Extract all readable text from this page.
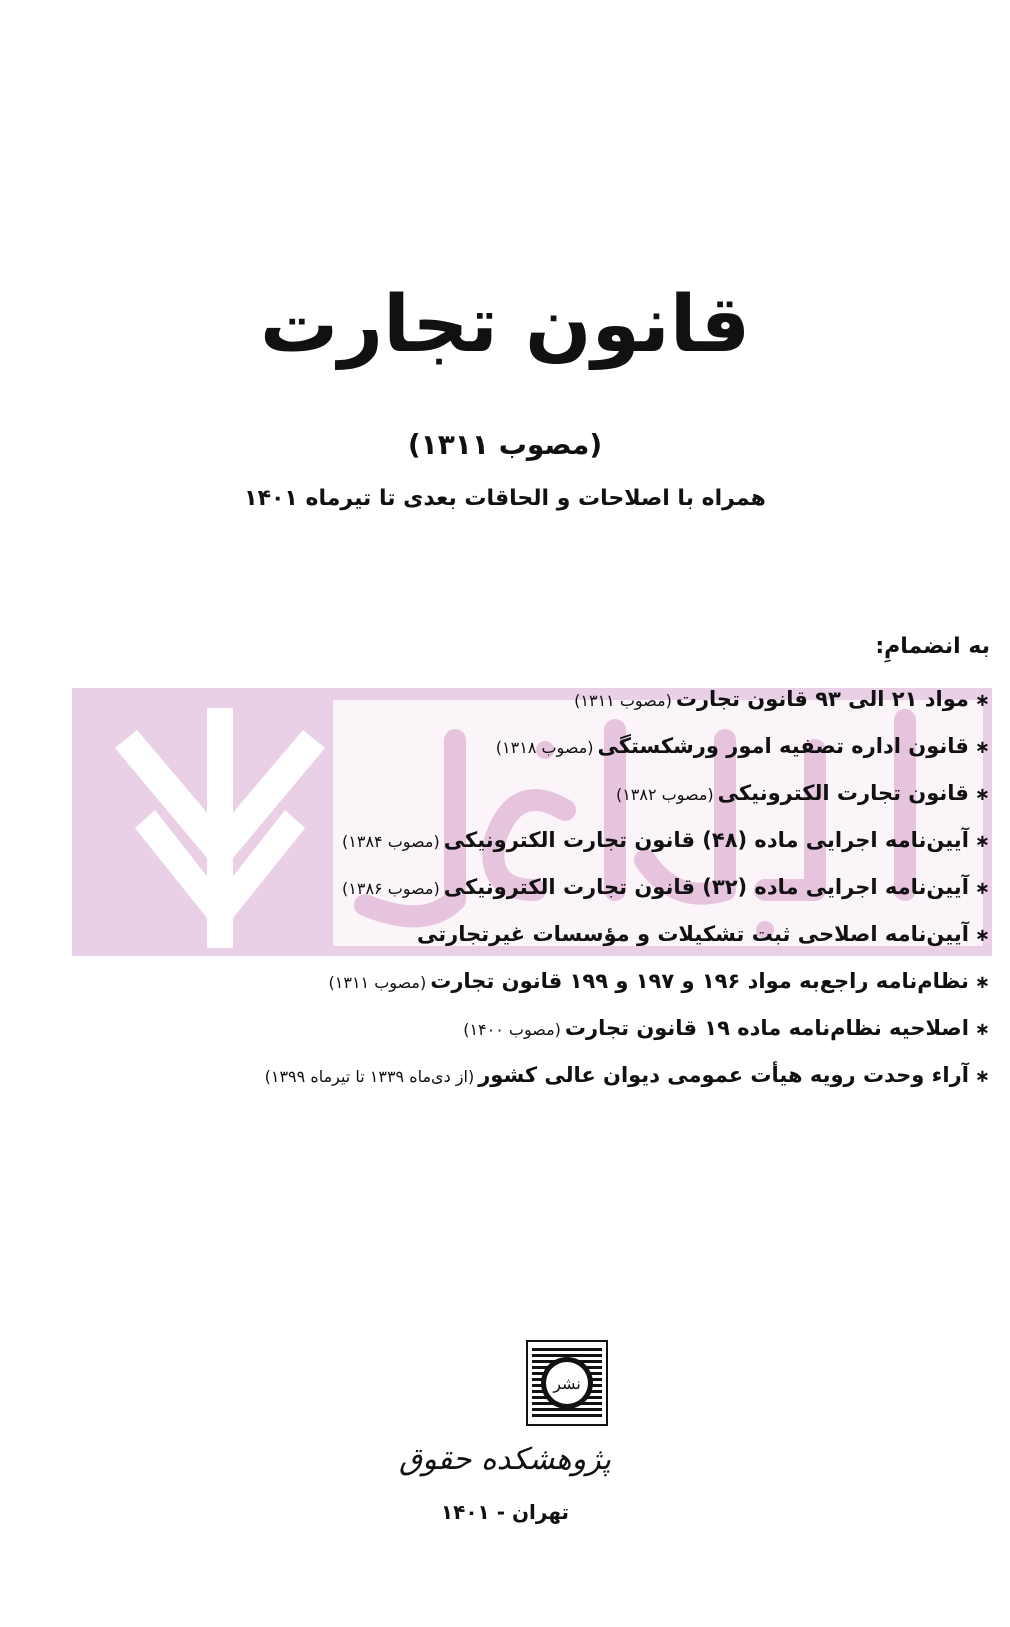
قانون تجارت
(مصوب ۱۳۱۱)
همراه با اصلاحات و الحاقات بعدی تا تیرماه ۱۴۰۱
به انضمامِ:
∗مواد ۲۱ الی ۹۳ قانون تجارت(مصوب ۱۳۱۱)
∗قانون اداره تصفیه امور ورشکستگی(مصوب ۱۳۱۸)
∗قانون تجارت الکترونیکی(مصوب ۱۳۸۲)
∗آیین‌نامه اجرایی ماده (۴۸) قانون تجارت الکترونیکی(مصوب ۱۳۸۴)
∗آیین‌نامه اجرایی ماده (۳۲) قانون تجارت الکترونیکی(مصوب ۱۳۸۶)
∗آیین‌نامه اصلاحی ثبت تشکیلات و مؤسسات غیرتجارتی
∗نظام‌نامه راجع‌به مواد ۱۹۶ و ۱۹۷ و ۱۹۹ قانون تجارت(مصوب ۱۳۱۱)
∗اصلاحیه نظام‌نامه ماده ۱۹ قانون تجارت(مصوب ۱۴۰۰)
∗آراء وحدت رویه هیأت عمومی دیوان عالی کشور(از دی‌ماه ۱۳۳۹ تا تیرماه ۱۳۹۹)
نشر
پژوهشکده حقوق
تهران - ۱۴۰۱
